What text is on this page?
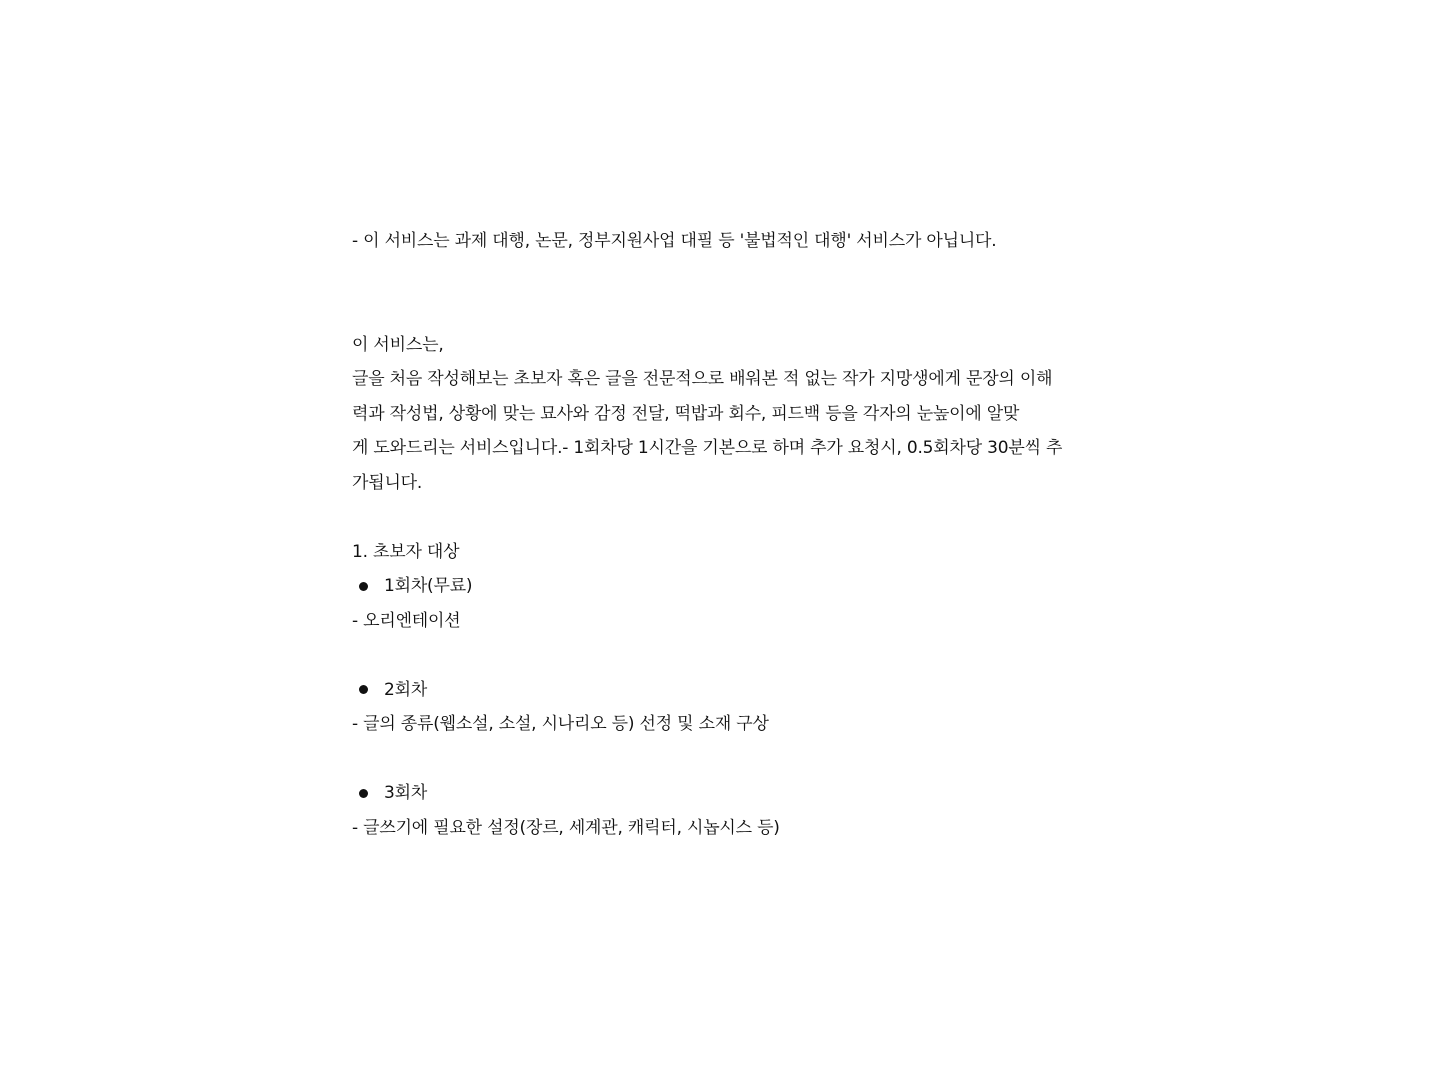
- 이 서비스는 과제 대행, 논문, 정부지원사업 대필 등 '불법적인 대행' 서비스가 아닙니다.
이 서비스는,
글을 처음 작성해보는 초보자 혹은 글을 전문적으로 배워본 적 없는 작가 지망생에게 문장의 이해
력과 작성법, 상황에 맞는 묘사와 감정 전달, 떡밥과 회수, 피드백 등을 각자의 눈높이에 알맞
게 도와드리는 서비스입니다.- 1회차당 1시간을 기본으로 하며 추가 요청시, 0.5회차당 30분씩 추
가됩니다.
1. 초보자 대상
1회차(무료)
- 오리엔테이션
2회차
- 글의 종류(웹소설, 소설, 시나리오 등) 선정 및 소재 구상
3회차
- 글쓰기에 필요한 설정(장르, 세계관, 캐릭터, 시놉시스 등)
